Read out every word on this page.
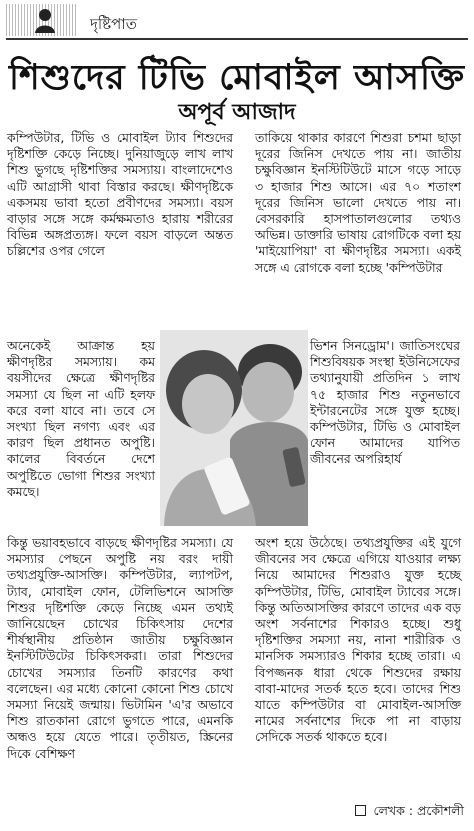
দৃষ্টিপাত
শিশুদের টিভি মোবাইল আসক্তি
অপূর্ব আজাদ
কম্পিউটার, টিভি ও মোবাইল ট্যাব শিশুদের দৃষ্টিশক্তি কেড়ে নিচ্ছে। দুনিয়াজুড়ে লাখ লাখ শিশু ভুগছে দৃষ্টিশক্তির সমস্যায়। বাংলাদেশেও এটি আগ্রাসী থাবা বিস্তার করছে। ক্ষীণদৃষ্টিকে একসময় ভাবা হতো প্রবীণদের সমস্যা। বয়স বাড়ার সঙ্গে সঙ্গে কর্মক্ষমতাও হারায় শরীরের বিভিন্ন অঙ্গপ্রত্যঙ্গ। ফলে বয়স বাড়লে অন্তত চল্লিশের ওপর গেলে
তাকিয়ে থাকার কারণে শিশুরা চশমা ছাড়া দূরের জিনিস দেখতে পায় না। জাতীয় চক্ষুবিজ্ঞান ইনস্টিটিউটে মাসে গড়ে সাড়ে ৩ হাজার শিশু আসে। এর ৭০ শতাংশ দূরের জিনিস ভালো দেখতে পায় না। বেসরকারি হাসপাতালগুলোর তথ্যও অভিন্ন। ডাক্তারি ভাষায় রোগটিকে বলা হয় 'মাইয়োপিয়া' বা ক্ষীণদৃষ্টির সমস্যা। একই সঙ্গে এ রোগকে বলা হচ্ছে 'কম্পিউটার
অনেকেই আক্রান্ত হয় ক্ষীণদৃষ্টির সমস্যায়। কম বয়সীদের ক্ষেত্রে ক্ষীণদৃষ্টির সমস্যা যে ছিল না এটি হলফ করে বলা যাবে না। তবে সে সংখ্যা ছিল নগণ্য এবং এর কারণ ছিল প্রধানত অপুষ্টি। কালের বিবর্তনে দেশে অপুষ্টিতে ভোগা শিশুর সংখ্যা কমছে।
ভিশন সিনড্রোম'। জাতিসংঘের শিশুবিষয়ক সংস্থা ইউনিসেফের তথ্যানুযায়ী প্রতিদিন ১ লাখ ৭৫ হাজার শিশু নতুনভাবে ইন্টারনেটের সঙ্গে যুক্ত হচ্ছে। কম্পিউটার, টিভি ও মোবাইল ফোন আমাদের যাপিত জীবনের অপরিহার্য
কিন্তু ভয়াবহভাবে বাড়ছে ক্ষীণদৃষ্টির সমস্যা। যে সমস্যার পেছনে অপুষ্টি নয় বরং দায়ী তথ্যপ্রযুক্তি-আসক্তি। কম্পিউটার, ল্যাপটপ, ট্যাব, মোবাইল ফোন, টেলিভিশনে আসক্তি শিশুর দৃষ্টিশক্তি কেড়ে নিচ্ছে এমন তথ্যই জানিয়েছেন চোখের চিকিৎসায় দেশের শীর্ষস্থানীয় প্রতিষ্ঠান জাতীয় চক্ষুবিজ্ঞান ইনস্টিটিউটের চিকিৎসকরা। তারা শিশুদের চোখের সমস্যার তিনটি কারণের কথা বলেছেন। এর মধ্যে কোনো কোনো শিশু চোখে সমস্যা নিয়েই জন্মায়। ভিটামিন 'এ'র অভাবে শিশু রাতকানা রোগে ভুগতে পারে, এমনকি অন্ধও হয়ে যেতে পারে। তৃতীয়ত, স্ক্রিনের দিকে বেশিক্ষণ
অংশ হয়ে উঠেছে। তথ্যপ্রযুক্তির এই যুগে জীবনের সব ক্ষেত্রে এগিয়ে যাওয়ার লক্ষ্য নিয়ে আমাদের শিশুরাও যুক্ত হচ্ছে কম্পিউটার, টিভি, মোবাইল ট্যাবের সঙ্গে। কিন্তু অতিআসক্তির কারণে তাদের এক বড় অংশ সর্বনাশের শিকারও হচ্ছে। শুধু দৃষ্টিশক্তির সমস্যা নয়, নানা শারীরিক ও মানসিক সমস্যারও শিকার হচ্ছে তারা। এ বিপজ্জনক ধারা থেকে শিশুদের রক্ষায় বাবা-মাদের সতর্ক হতে হবে। তাদের শিশু যাতে কম্পিউটার বা মোবাইল-আসক্তি নামের সর্বনাশের দিকে পা না বাড়ায় সেদিকে সতর্ক থাকতে হবে।
লেখক : প্রকৌশলী
